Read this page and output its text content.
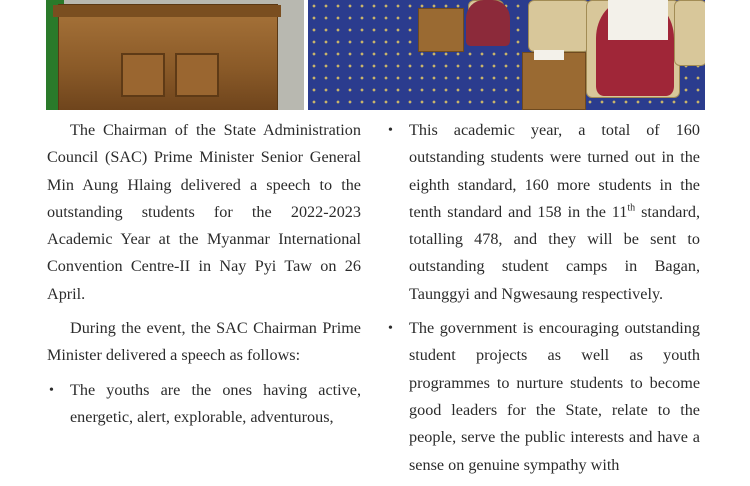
The Chairman of the State Administration Council (SAC) Prime Minister Senior General Min Aung Hlaing delivered a speech to the outstanding students for the 2022-2023 Academic Year at the Myanmar International Convention Centre-II in Nay Pyi Taw on 26 April.

During the event, the SAC Chairman Prime Minister delivered a speech as follows:

• The youths are the ones having active, energetic, alert, explorable, adventurous,
• This academic year, a total of 160 outstanding students were turned out in the eighth standard, 160 more students in the tenth standard and 158 in the 11th standard, totalling 478, and they will be sent to outstanding student camps in Bagan, Taunggyi and Ngwesaung respectively.
• The government is encouraging outstanding student projects as well as youth programmes to nurture students to become good leaders for the State, relate to the people, serve the public interests and have a sense on genuine sympathy with
